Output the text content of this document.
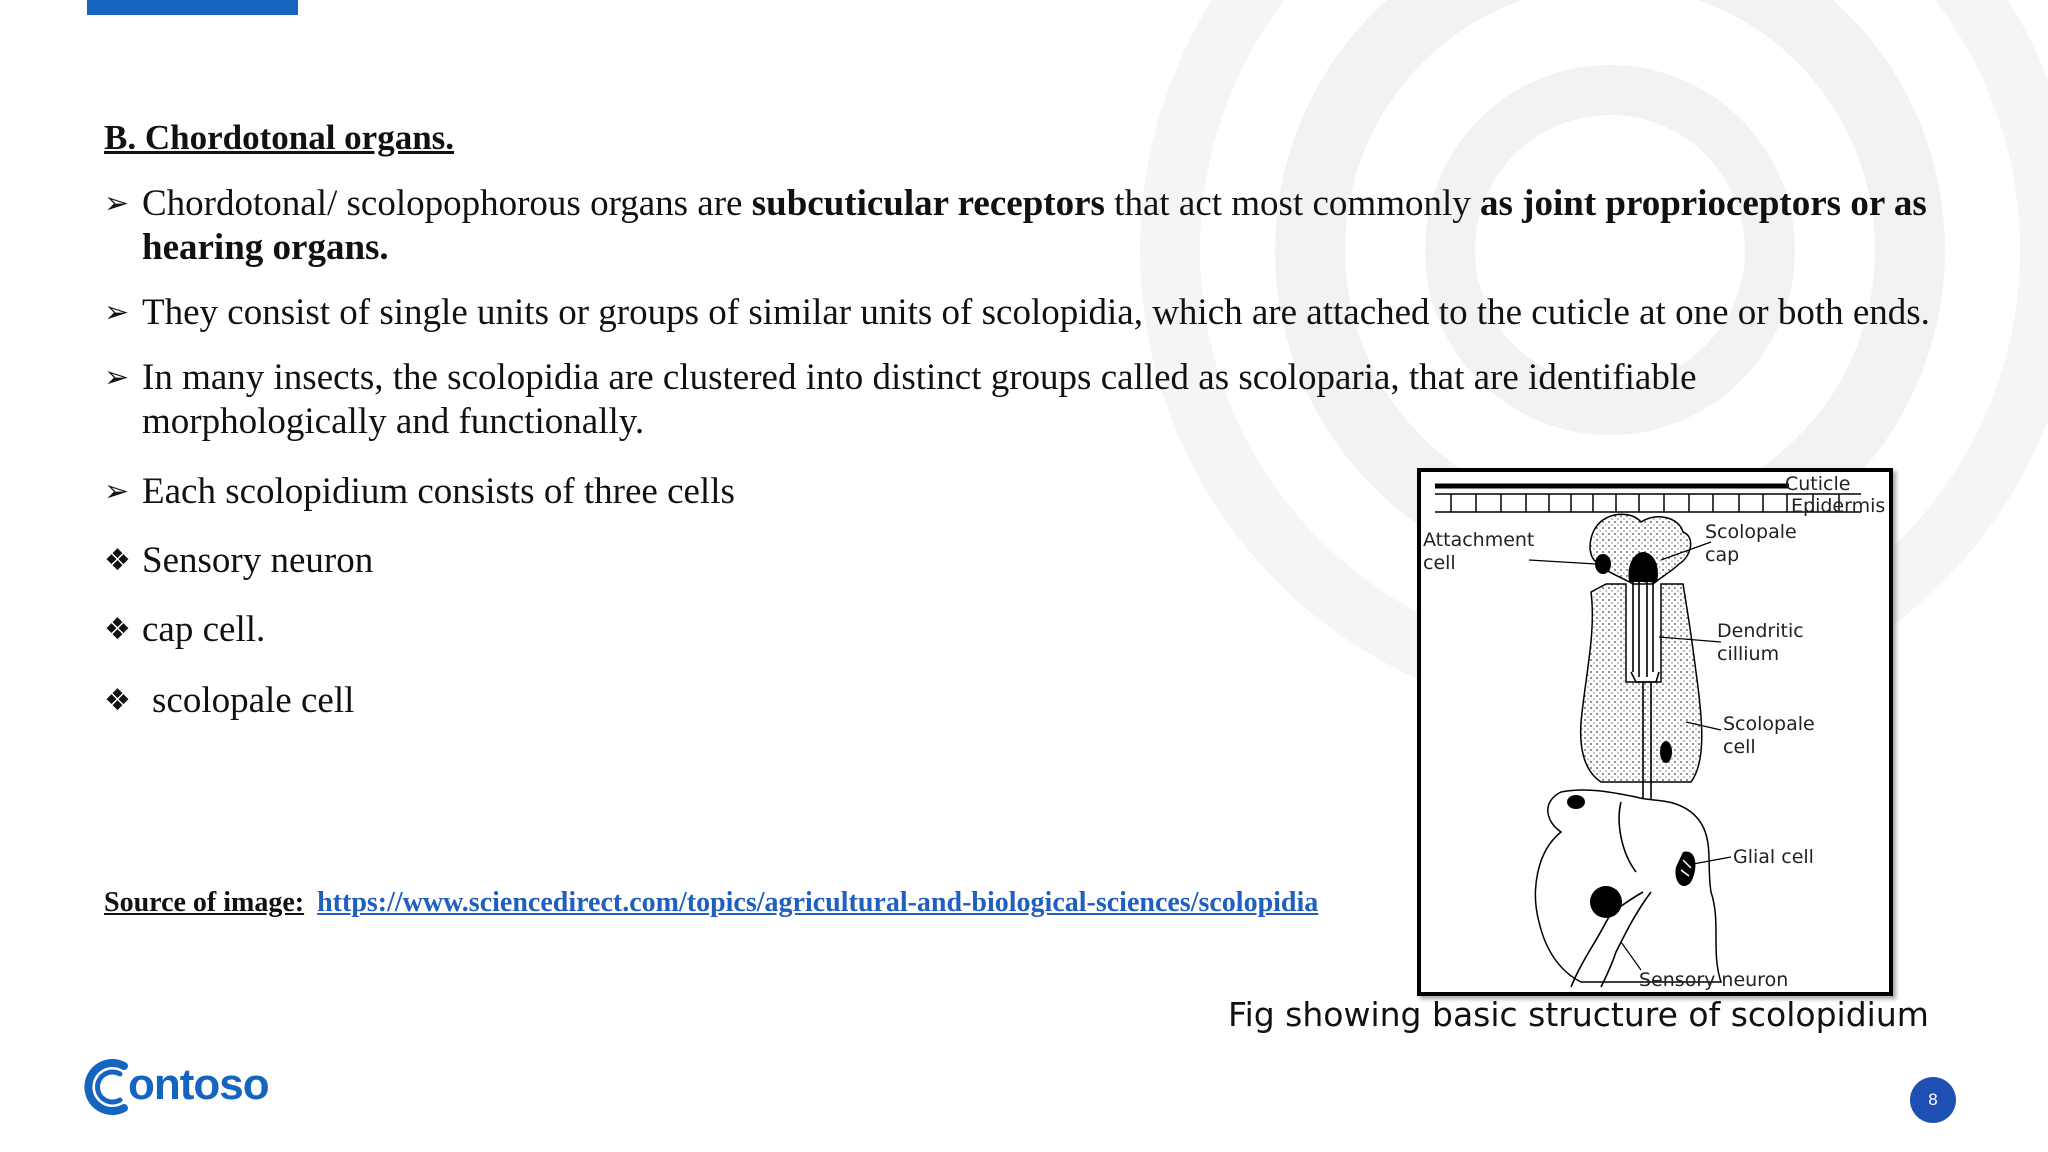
B. Chordotonal organs.
➢ Chordotonal/ scolopophorous organs are subcuticular receptors that act most commonly as joint proprioceptors or as hearing organs.
➢ They consist of single units or groups of similar units of scolopidia, which are attached to the cuticle at one or both ends.
➢ In many insects, the scolopidia are clustered into distinct groups called as scoloparia, that are identifiable morphologically and functionally.
➢ Each scolopidium consists of three cells
❖ Sensory neuron
❖ cap cell.
❖ scolopale cell
Source of image: https://www.sciencedirect.com/topics/agricultural-and-biological-sciences/scolopidia
Cuticle
Epidermis
Attachment
cell
Scolopale
cap
Dendritic
cillium
Scolopale
cell
Glial cell
Sensory neuron
Fig showing basic structure of scolopidium
ontoso	8
